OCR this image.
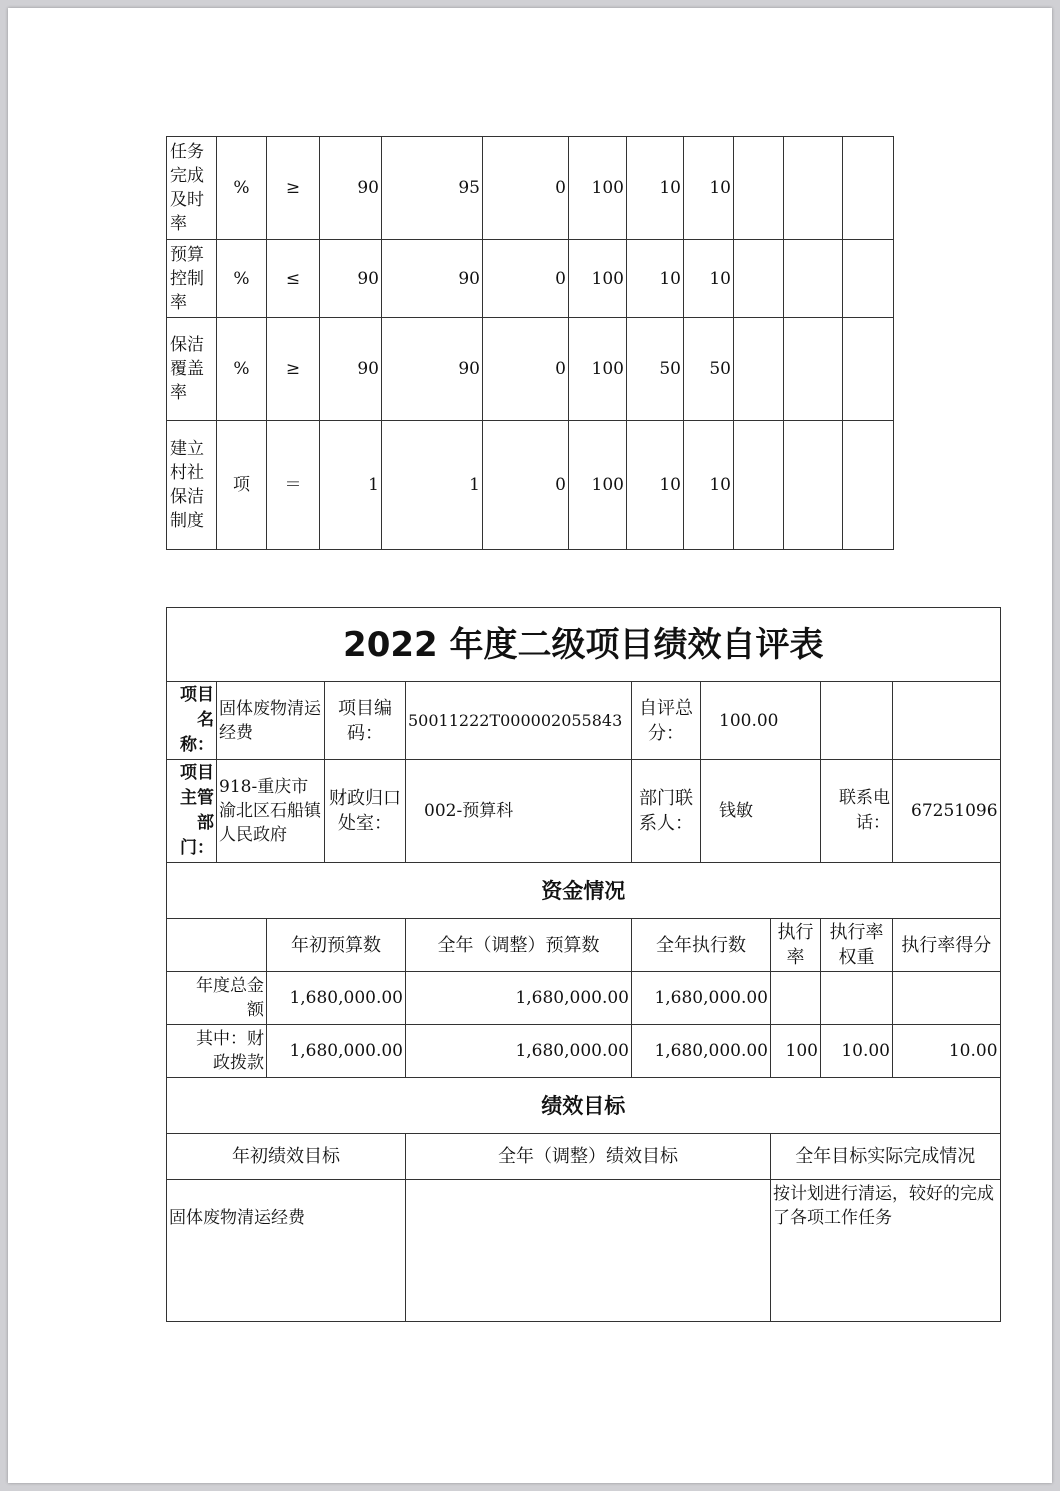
任务完成及时率	%	≥	90	95	0	100	10	10			
预算控制率	%	≤	90	90	0	100	10	10			
保洁覆盖率	%	≥	90	90	0	100	50	50			
建立村社保洁制度	项	＝	1	1	0	100	10	10			
2022 年度二级项目绩效自评表									
项目名称：	固体废物清运经费		项目编码：	50011222T000002055843	自评总分：	100.00			
项目主管部门：	918-重庆市渝北区石船镇人民政府		财政归口处室：	002-预算科	部门联系人：	钱敏		联系电话：	67251096
资金情况									
		年初预算数		全年（调整）预算数	全年执行数		执行率	执行率权重	执行率得分
年度总金额		1,680,000.00		1,680,000.00	1,680,000.00				
其中：财政拨款		1,680,000.00		1,680,000.00	1,680,000.00		100	10.00	10.00
绩效目标									
年初绩效目标				全年（调整）绩效目标			全年目标实际完成情况		
固体废物清运经费							按计划进行清运，较好的完成了各项工作任务		
